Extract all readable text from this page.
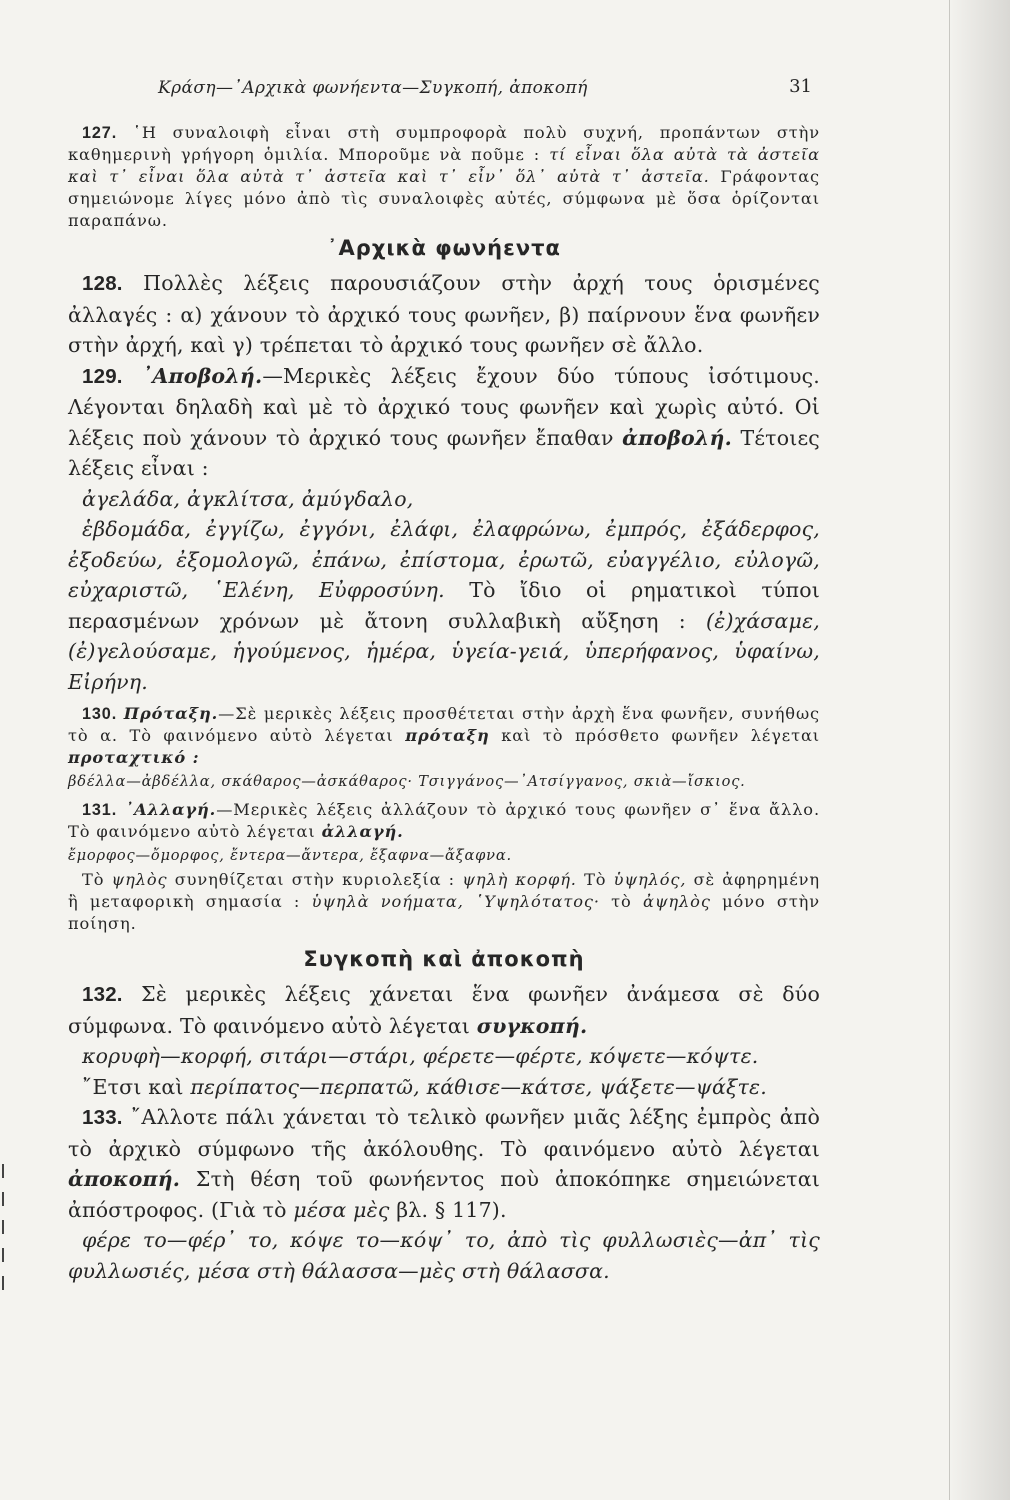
Κράση—᾿Αρχικὰ φωνήεντα—Συγκοπή, ἀποκοπή	31

127. ῾Η συναλοιφὴ εἶναι στὴ συμπροφορὰ πολὺ συχνή, προπάντων στὴν καθημερινὴ γρήγορη ὁμιλία. Μποροῦμε νὰ ποῦμε : τί εἶναι ὅλα αὐτὰ τὰ ἀστεῖα καὶ τ᾿ εἶναι ὅλα αὐτὰ τ᾿ ἀστεῖα καὶ τ᾿ εἶν᾿ ὅλ᾿ αὐτὰ τ᾿ ἀστεῖα. Γράφοντας σημειώνομε λίγες μόνο ἀπὸ τὶς συναλοιφὲς αὐτές, σύμφωνα μὲ ὅσα ὁρίζονται παραπάνω.

᾿Αρχικὰ φωνήεντα

128. Πολλὲς λέξεις παρουσιάζουν στὴν ἀρχή τους ὁρισμένες ἀλλαγές : α) χάνουν τὸ ἀρχικό τους φωνῆεν, β) παίρνουν ἕνα φωνῆεν στὴν ἀρχή, καὶ γ) τρέπεται τὸ ἀρχικό τους φωνῆεν σὲ ἄλλο.

129. ᾿Αποβολή.—Μερικὲς λέξεις ἔχουν δύο τύπους ἰσότιμους. Λέγονται δηλαδὴ καὶ μὲ τὸ ἀρχικό τους φωνῆεν καὶ χωρὶς αὐτό. Οἱ λέξεις ποὺ χάνουν τὸ ἀρχικό τους φωνῆεν ἔπαθαν ἀποβολή. Τέτοιες λέξεις εἶναι :

ἀγελάδα, ἀγκλίτσα, ἀμύγδαλο,

ἑβδομάδα, ἐγγίζω, ἐγγόνι, ἐλάφι, ἐλαφρώνω, ἐμπρός, ἐξάδερφος, ἐξοδεύω, ἐξομολογῶ, ἐπάνω, ἐπίστομα, ἐρωτῶ, εὐαγγέλιο, εὐλογῶ, εὐχαριστῶ, ῾Ελένη, Εὐφροσύνη. Τὸ ἴδιο οἱ ρηματικοὶ τύποι περασμένων χρόνων μὲ ἄτονη συλλαβικὴ αὔξηση : (ἐ)χάσαμε, (ἐ)γελούσαμε, ἡγούμενος, ἡμέρα, ὑγεία-γειά, ὑπερήφανος, ὑφαίνω, Εἰρήνη.

130. Πρόταξη.—Σὲ μερικὲς λέξεις προσθέτεται στὴν ἀρχὴ ἕνα φωνῆεν, συνήθως τὸ α. Τὸ φαινόμενο αὐτὸ λέγεται πρόταξη καὶ τὸ πρόσθετο φωνῆεν λέγεται προταχτικό :

βδέλλα—ἀβδέλλα, σκάθαρος—ἀσκάθαρος· Τσιγγάνος—᾿Ατσίγγανος, σκιὰ—ἴσκιος.

131. ᾿Αλλαγή.—Μερικὲς λέξεις ἀλλάζουν τὸ ἀρχικό τους φωνῆεν σ᾿ ἕνα ἄλλο. Τὸ φαινόμενο αὐτὸ λέγεται ἀλλαγή.

ἔμορφος—ὄμορφος, ἔντερα—ἄντερα, ἔξαφνα—ἄξαφνα.

Τὸ ψηλὸς συνηθίζεται στὴν κυριολεξία : ψηλὴ κορφή. Τὸ ὑψηλός, σὲ ἀφηρημένη ἢ μεταφορικὴ σημασία : ὑψηλὰ νοήματα, ῾Υψηλότατος· τὸ ἀψηλὸς μόνο στὴν ποίηση.

Συγκοπὴ καὶ ἀποκοπὴ

132. Σὲ μερικὲς λέξεις χάνεται ἕνα φωνῆεν ἀνάμεσα σὲ δύο σύμφωνα. Τὸ φαινόμενο αὐτὸ λέγεται συγκοπή.

κορυφὴ—κορφή, σιτάρι—στάρι, φέρετε—φέρτε, κόψετε—κόψτε.

῎Ετσι καὶ περίπατος—περπατῶ, κάθισε—κάτσε, ψάξετε—ψάξτε.

133. ῎Αλλοτε πάλι χάνεται τὸ τελικὸ φωνῆεν μιᾶς λέξης ἐμπρὸς ἀπὸ τὸ ἀρχικὸ σύμφωνο τῆς ἀκόλουθης. Τὸ φαινόμενο αὐτὸ λέγεται ἀποκοπή. Στὴ θέση τοῦ φωνήεντος ποὺ ἀποκόπηκε σημειώνεται ἀπόστροφος. (Γιὰ τὸ μέσα μὲς βλ. § 117).

φέρε το—φέρ᾿ το, κόψε το—κόψ᾿ το, ἀπὸ τὶς φυλλωσιὲς—ἀπ᾿ τὶς φυλλωσιές, μέσα στὴ θάλασσα—μὲς στὴ θάλασσα.
